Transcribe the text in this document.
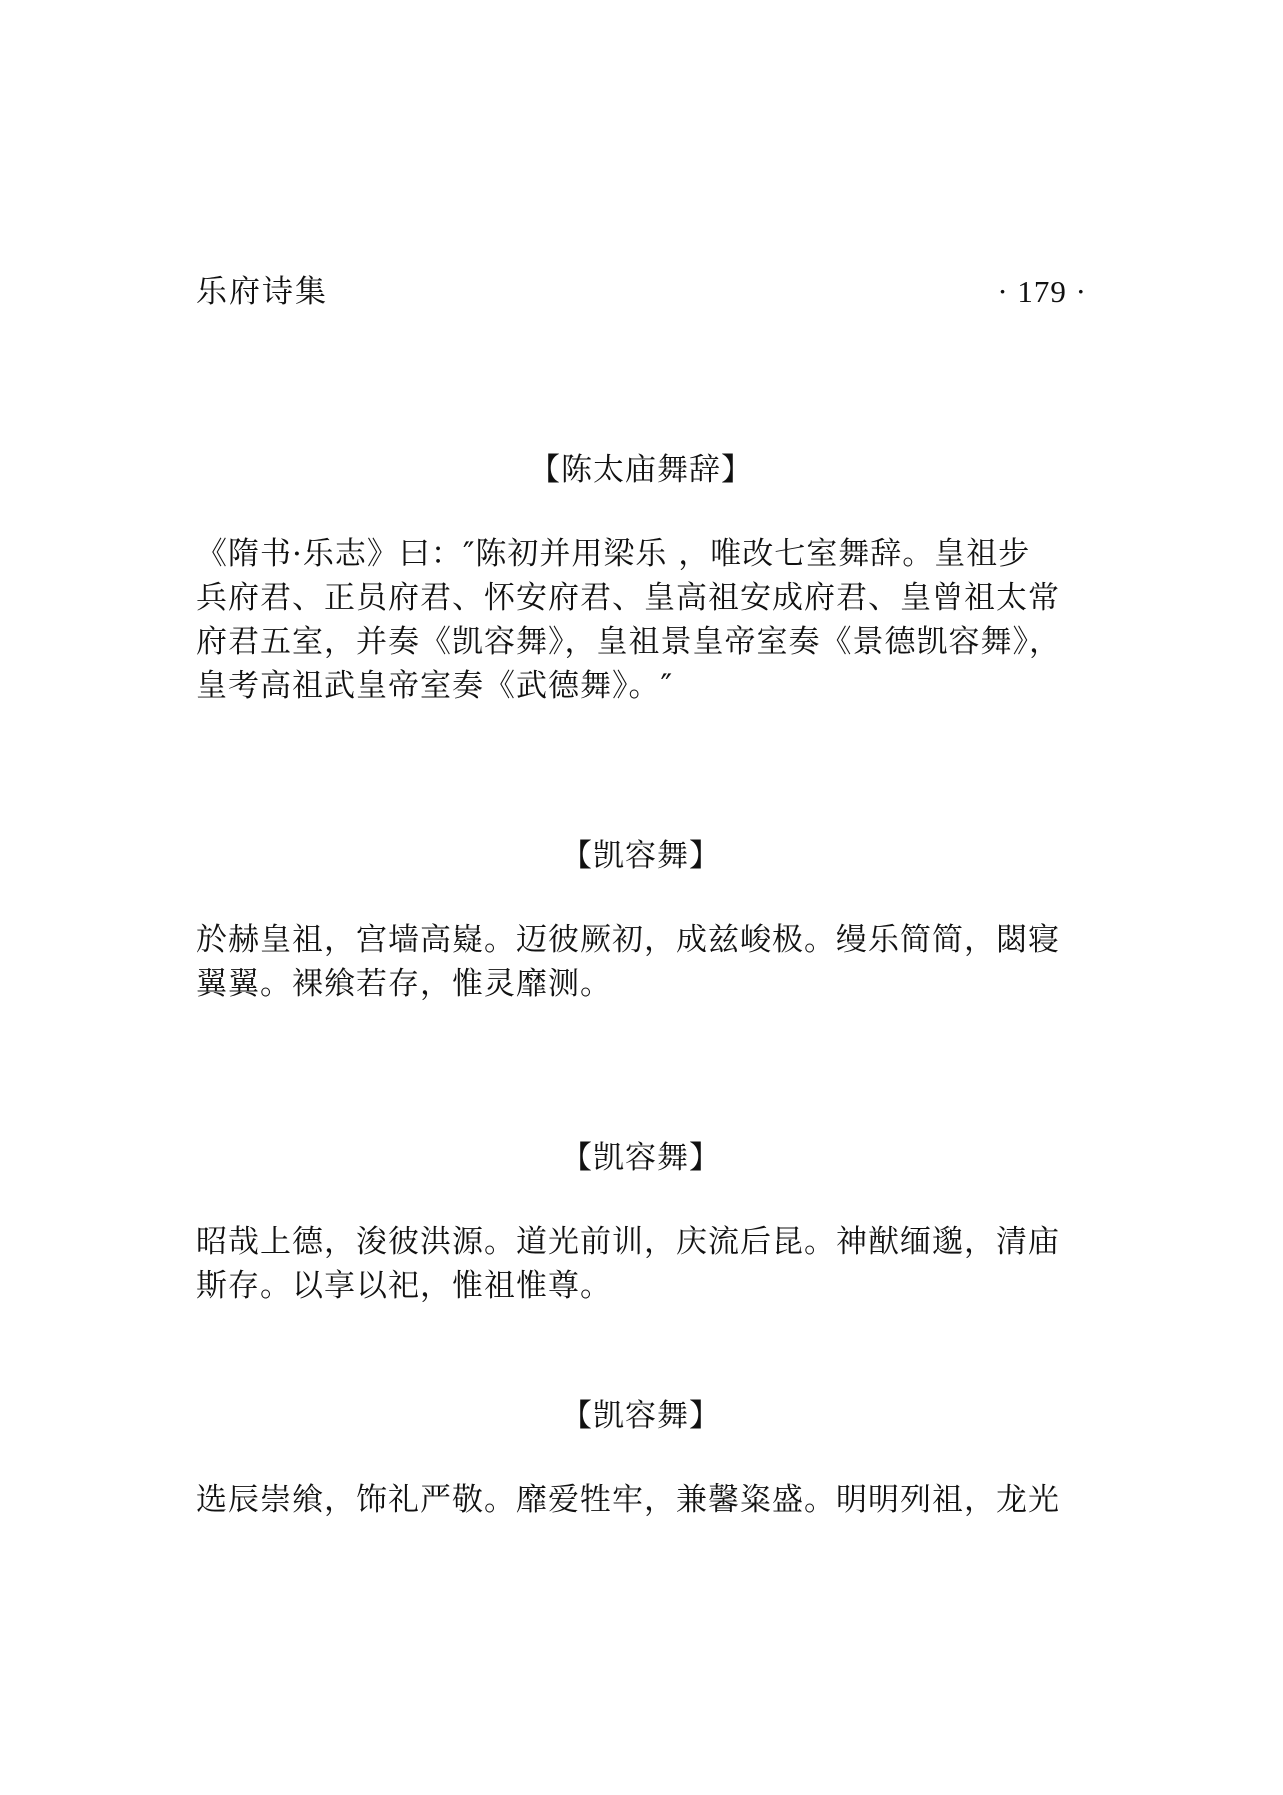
乐府诗集	· 179 ·
【陈太庙舞辞】

《隋书·乐志》曰：″陈初并用梁乐 ，唯改七室舞辞。皇祖步
兵府君、正员府君、怀安府君、皇高祖安成府君、皇曾祖太常
府君五室，并奏《凯容舞》，皇祖景皇帝室奏《景德凯容舞》，
皇考高祖武皇帝室奏《武德舞》。″

【凯容舞】

於赫皇祖，宫墙高嶷。迈彼厥初，成兹峻极。缦乐简简，閟寝
翼翼。裸飨若存，惟灵靡测。

【凯容舞】

昭哉上德，浚彼洪源。道光前训，庆流后昆。神猷缅邈，清庙
斯存。以享以祀，惟祖惟尊。

【凯容舞】

选辰崇飨，饰礼严敬。靡爱牲牢，兼馨粢盛。明明列祖，龙光
